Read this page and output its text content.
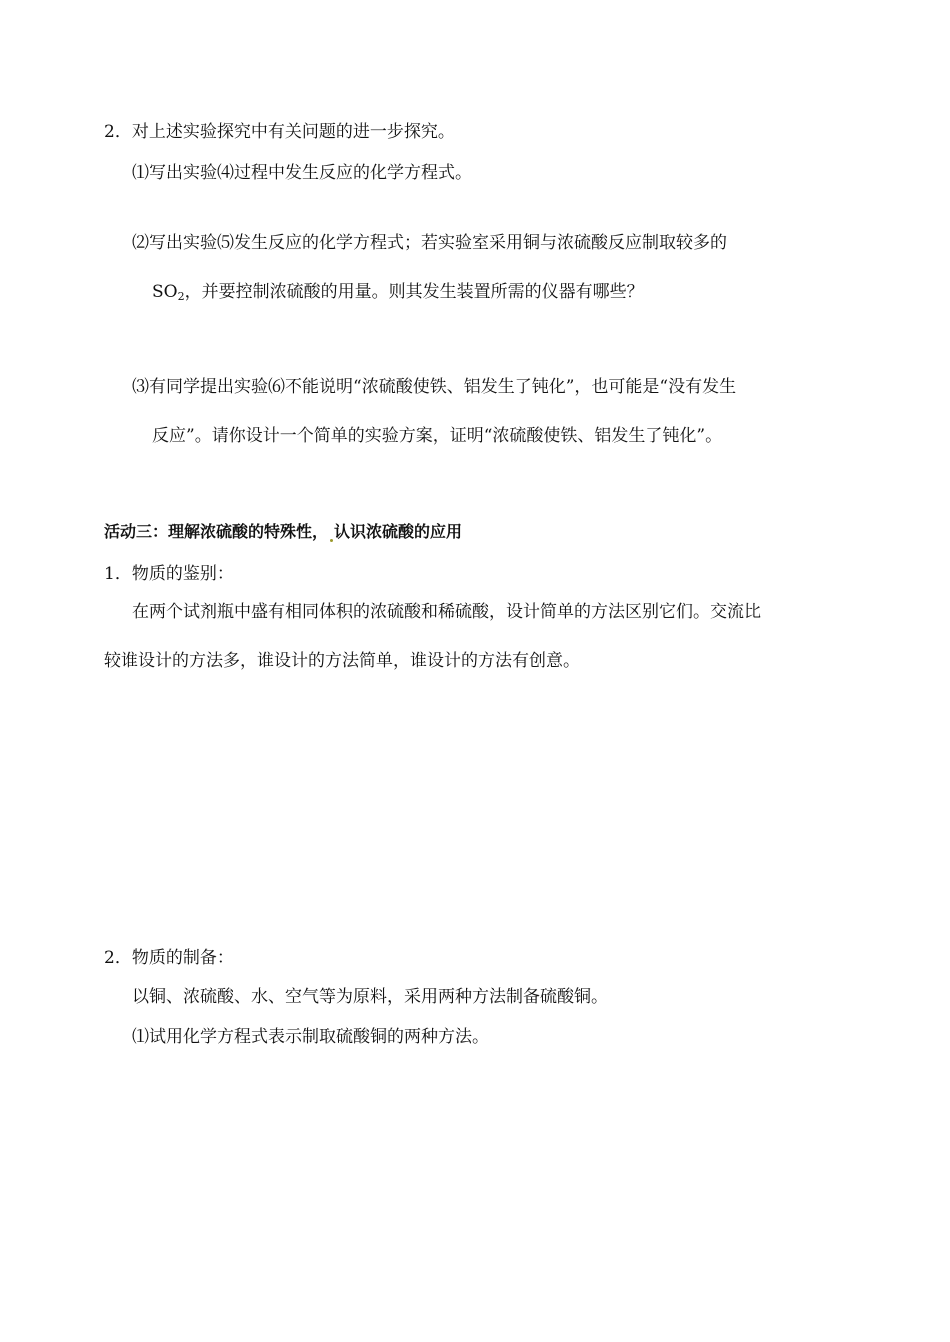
2．对上述实验探究中有关问题的进一步探究。
⑴写出实验⑷过程中发生反应的化学方程式。
⑵写出实验⑸发生反应的化学方程式；若实验室采用铜与浓硫酸反应制取较多的
$SO_2$，并要控制浓硫酸的用量。则其发生装置所需的仪器有哪些？
⑶有同学提出实验⑹不能说明“浓硫酸使铁、铝发生了钝化”，也可能是“没有发生
反应”。请你设计一个简单的实验方案，证明“浓硫酸使铁、铝发生了钝化”。
活动三：理解浓硫酸的特殊性， 认识浓硫酸的应用
1．物质的鉴别：
在两个试剂瓶中盛有相同体积的浓硫酸和稀硫酸，设计简单的方法区别它们。交流比
较谁设计的方法多，谁设计的方法简单，谁设计的方法有创意。
2．物质的制备：
以铜、浓硫酸、水、空气等为原料，采用两种方法制备硫酸铜。
⑴试用化学方程式表示制取硫酸铜的两种方法。
